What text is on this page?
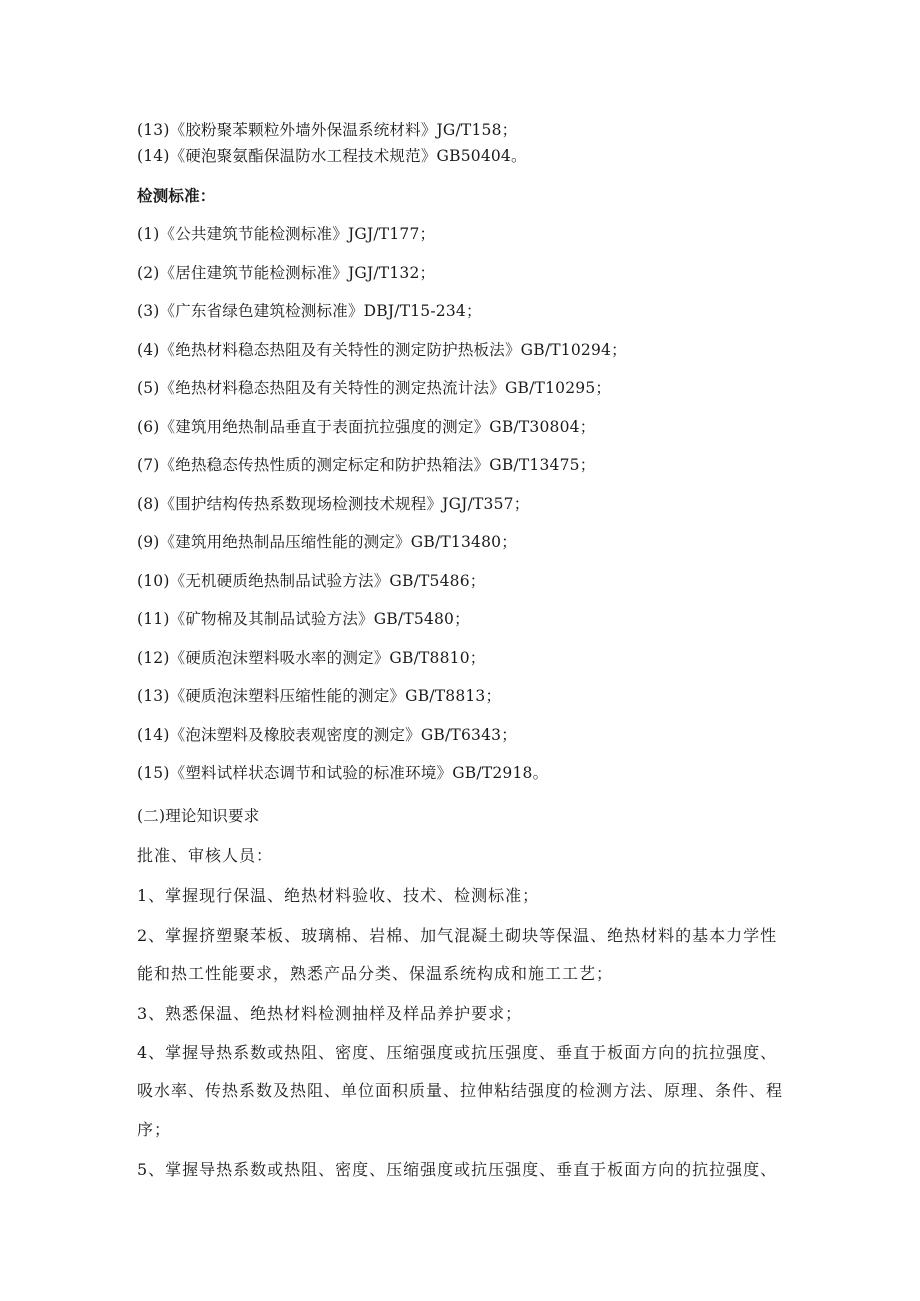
(13)《胶粉聚苯颗粒外墙外保温系统材料》JG/T158；
(14)《硬泡聚氨酯保温防水工程技术规范》GB50404。
检测标准：
(1)《公共建筑节能检测标准》JGJ/T177；
(2)《居住建筑节能检测标准》JGJ/T132；
(3)《广东省绿色建筑检测标准》DBJ/T15-234；
(4)《绝热材料稳态热阻及有关特性的测定防护热板法》GB/T10294；
(5)《绝热材料稳态热阻及有关特性的测定热流计法》GB/T10295；
(6)《建筑用绝热制品垂直于表面抗拉强度的测定》GB/T30804；
(7)《绝热稳态传热性质的测定标定和防护热箱法》GB/T13475；
(8)《围护结构传热系数现场检测技术规程》JGJ/T357；
(9)《建筑用绝热制品压缩性能的测定》GB/T13480；
(10)《无机硬质绝热制品试验方法》GB/T5486；
(11)《矿物棉及其制品试验方法》GB/T5480；
(12)《硬质泡沫塑料吸水率的测定》GB/T8810；
(13)《硬质泡沫塑料压缩性能的测定》GB/T8813；
(14)《泡沫塑料及橡胶表观密度的测定》GB/T6343；
(15)《塑料试样状态调节和试验的标准环境》GB/T2918。
(二)理论知识要求
批准、审核人员：
1、掌握现行保温、绝热材料验收、技术、检测标准；
2、掌握挤塑聚苯板、玻璃棉、岩棉、加气混凝土砌块等保温、绝热材料的基本力学性
能和热工性能要求，熟悉产品分类、保温系统构成和施工工艺；
3、熟悉保温、绝热材料检测抽样及样品养护要求；
4、掌握导热系数或热阻、密度、压缩强度或抗压强度、垂直于板面方向的抗拉强度、
吸水率、传热系数及热阻、单位面积质量、拉伸粘结强度的检测方法、原理、条件、程
序；
5、掌握导热系数或热阻、密度、压缩强度或抗压强度、垂直于板面方向的抗拉强度、
